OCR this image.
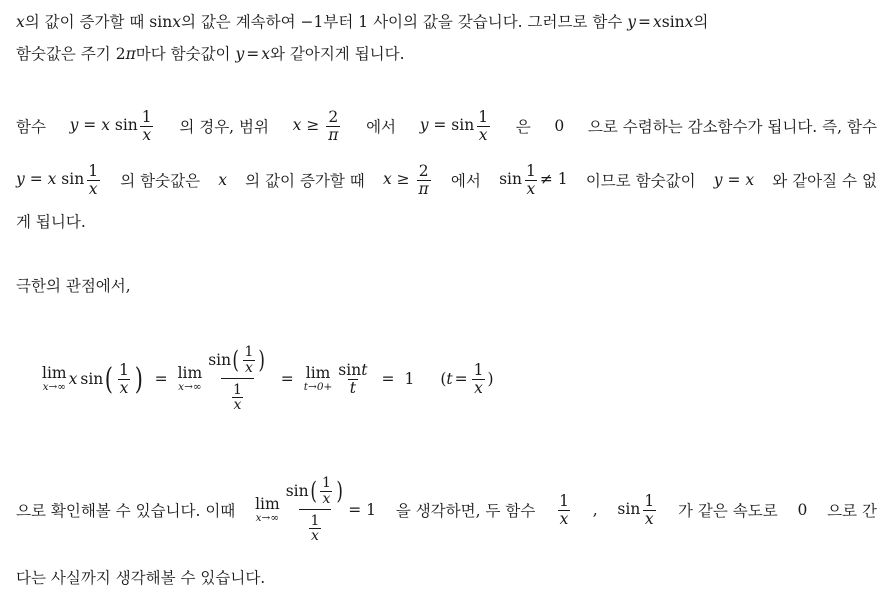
x의 값이 증가할 때 sinx의 값은 계속하여 −1부터 1 사이의 값을 갖습니다. 그러므로 함수 y = xsinx의
함숫값은 주기 2π마다 함숫값이 y = x와 같아지게 됩니다.
함수 y = x $\sin \frac{1}{x}$ 의 경우, 범위 $x \ge \frac{2}{\pi}$ 에서 $y = \sin \frac{1}{x}$ 은 0 으로 수렴하는 감소함수가 됩니다. 즉, 함수
y = x $\sin \frac{1}{x}$ 의 함숫값은 x 의 값이 증가할 때 $x \ge \frac{2}{\pi}$ 에서 $\sin \frac{1}{x} \ne 1$ 이므로 함숫값이 y = x 와 같아질 수 없
게 됩니다.
극한의 관점에서,
lim
x→∞ x sin ( $\frac{1}{x}$ ) = lim
$x\to\infty \frac{\sin ( \frac{1}{x} )}{\frac{1}{x}} = \lim$
$t\to 0+ \frac{\sin t}{t} = 1$ ( $t = \frac{1}{x}$ )
으로 확인해볼 수 있습니다. 이때 lim
$x\to\infty \frac{\sin ( \frac{1}{x} )}{\frac{1}{x}} = 1$ 을 생각하면, 두 함수 $\frac{1}{x}$ , $\sin \frac{1}{x}$ 가 같은 속도로 0 으로 간
다는 사실까지 생각해볼 수 있습니다.
